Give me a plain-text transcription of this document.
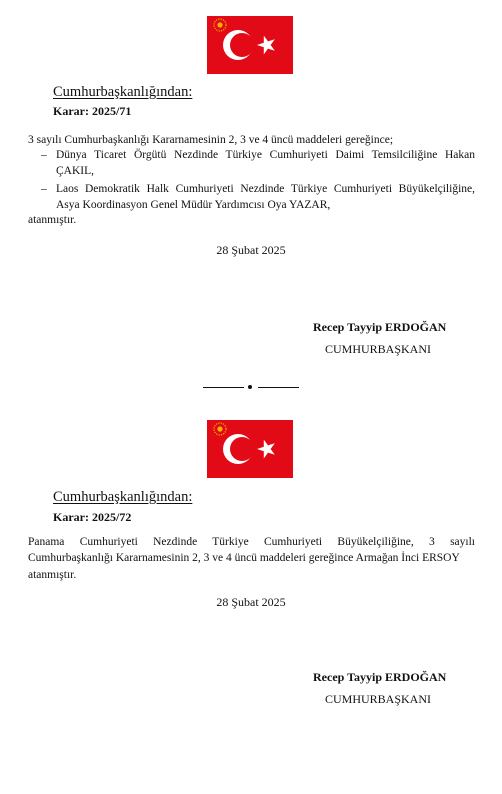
Cumhurbaşkanlığından:
Karar: 2025/71
3 sayılı Cumhurbaşkanlığı Kararnamesinin 2, 3 ve 4 üncü maddeleri gereğince;
– Dünya Ticaret Örgütü Nezdinde Türkiye Cumhuriyeti Daimi Temsilciliğine Hakan
ÇAKIL,
– Laos Demokratik Halk Cumhuriyeti Nezdinde Türkiye Cumhuriyeti Büyükelçiliğine,
Asya Koordinasyon Genel Müdür Yardımcısı Oya YAZAR,
atanmıştır.
28 Şubat 2025
Recep Tayyip ERDOĞAN
CUMHURBAŞKANI
Cumhurbaşkanlığından:
Karar: 2025/72
Panama Cumhuriyeti Nezdinde Türkiye Cumhuriyeti Büyükelçiliğine, 3 sayılı
Cumhurbaşkanlığı Kararnamesinin 2, 3 ve 4 üncü maddeleri gereğince Armağan İnci ERSOY
atanmıştır.
28 Şubat 2025
Recep Tayyip ERDOĞAN
CUMHURBAŞKANI
